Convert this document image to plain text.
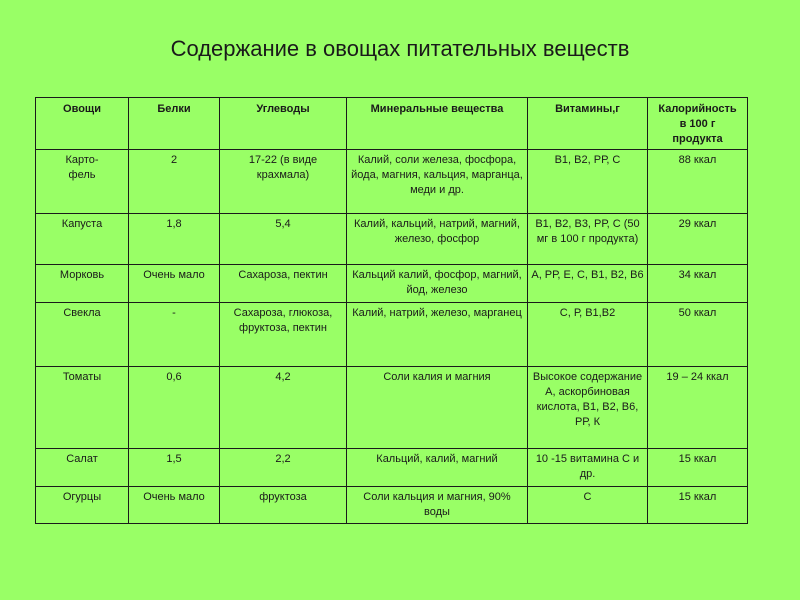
Содержание в овощах питательных веществ
Овощи	Белки	Углеводы	Минеральные вещества	Витамины,г	Калорийность
в 100 г
продукта
Карто-
фель	2	17-22 (в виде крахмала)	Калий, соли железа, фосфора, йода, магния, кальция, марганца, меди и др.	В1, В2, РР, С	88 ккал
Капуста	1,8	5,4	Калий, кальций, натрий, магний, железо, фосфор	В1, В2, В3, РР, С (50 мг в 100 г продукта)	29 ккал
Морковь	Очень мало	Сахароза, пектин	Кальций калий, фосфор, магний, йод, железо	А, РР, Е, С, В1, В2, В6	34 ккал
Свекла	-	Сахароза, глюкоза, фруктоза, пектин	Калий, натрий, железо, марганец	С, Р, В1,В2	50 ккал
Томаты	0,6	4,2	Соли калия и магния	Высокое содержание А, аскорбиновая кислота, В1, В2, В6, РР, К	19 – 24 ккал
Салат	1,5	2,2	Кальций, калий, магний	10 -15 витамина С и др.	15 ккал
Огурцы	Очень мало	фруктоза	Соли кальция и магния, 90% воды	С	15 ккал
